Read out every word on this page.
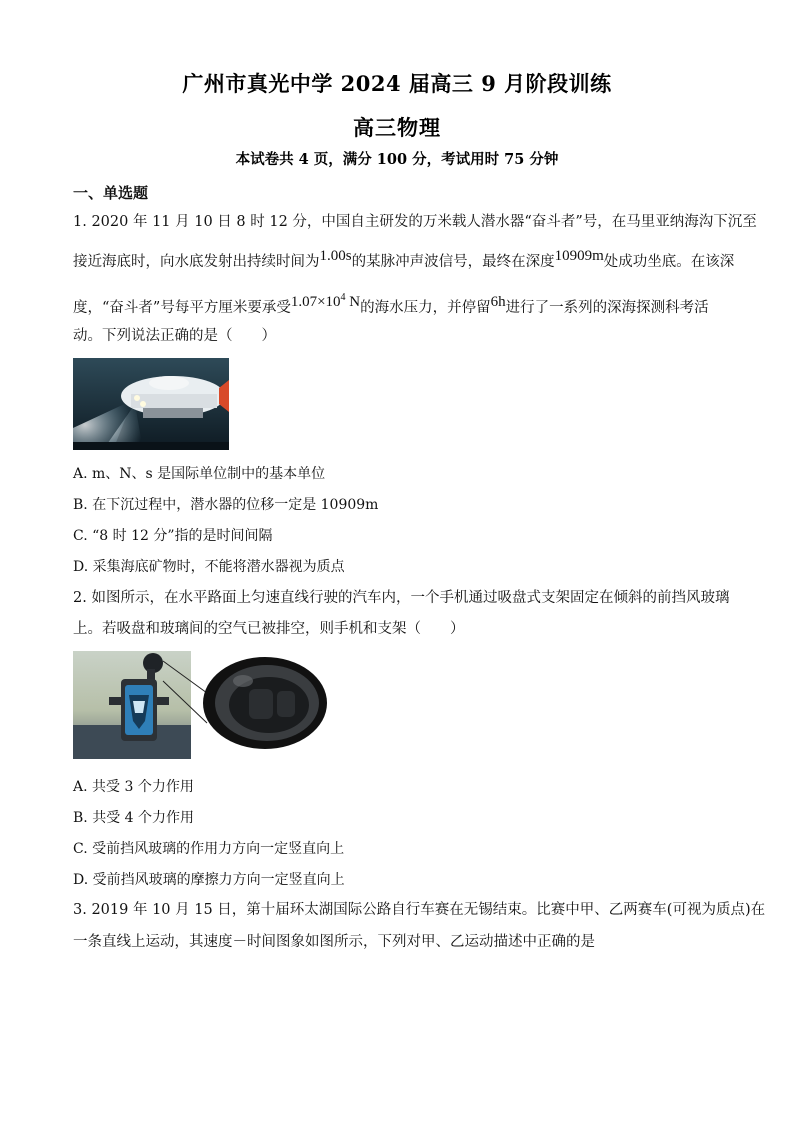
广州市真光中学 2024 届高三 9 月阶段训练
高三物理
本试卷共 4 页，满分 100 分，考试用时 75 分钟
一、单选题
1. 2020 年 11 月 10 日 8 时 12 分，中国自主研发的万米载人潜水器“奋斗者”号，在马里亚纳海沟下沉至
接近海底时，向水底发射出持续时间为1.00s的某脉冲声波信号，最终在深度10909m处成功坐底。在该深
度，“奋斗者”号每平方厘米要承受$1.07\times 10^4$ N的海水压力，并停留6h进行了一系列的深海探测科考活
动。下列说法正确的是（　　）
A. m、N、s 是国际单位制中的基本单位
B. 在下沉过程中，潜水器的位移一定是 10909m
C. “8 时 12 分”指的是时间间隔
D. 采集海底矿物时，不能将潜水器视为质点
2. 如图所示，在水平路面上匀速直线行驶的汽车内，一个手机通过吸盘式支架固定在倾斜的前挡风玻璃
上。若吸盘和玻璃间的空气已被排空，则手机和支架（　　）
A. 共受 3 个力作用
B. 共受 4 个力作用
C. 受前挡风玻璃的作用力方向一定竖直向上
D. 受前挡风玻璃的摩擦力方向一定竖直向上
3. 2019 年 10 月 15 日，第十届环太湖国际公路自行车赛在无锡结束。比赛中甲、乙两赛车(可视为质点)在
一条直线上运动，其速度－时间图象如图所示，下列对甲、乙运动描述中正确的是
